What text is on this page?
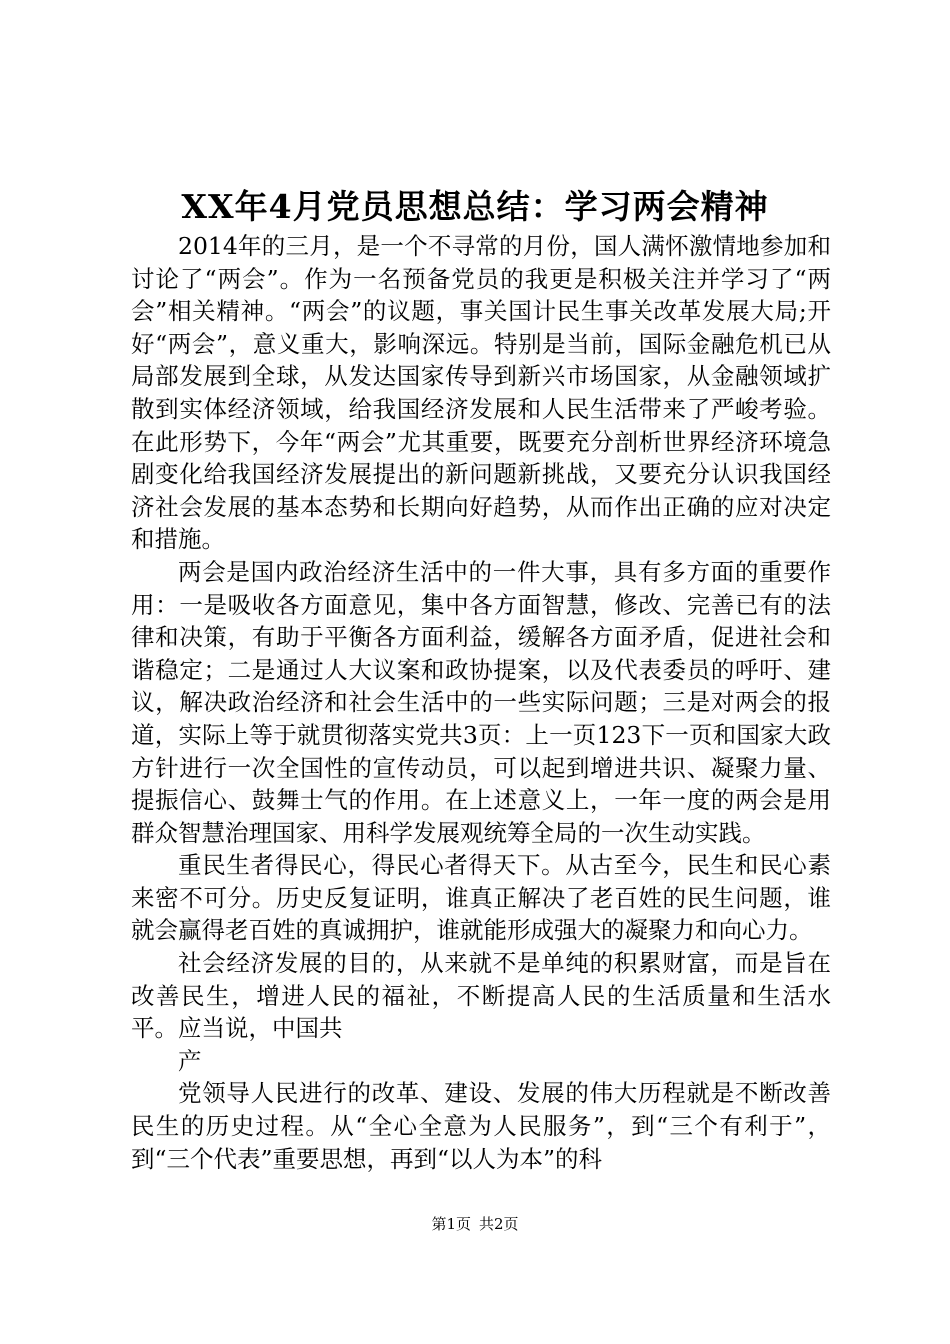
XX年4月党员思想总结：学习两会精神

2014年的三月，是一个不寻常的月份，国人满怀激情地参加和讨论了“两会”。作为一名预备党员的我更是积极关注并学习了“两会”相关精神。“两会”的议题，事关国计民生事关改革发展大局;开好“两会”，意义重大，影响深远。特别是当前，国际金融危机已从局部发展到全球，从发达国家传导到新兴市场国家，从金融领域扩散到实体经济领域，给我国经济发展和人民生活带来了严峻考验。在此形势下，今年“两会”尤其重要，既要充分剖析世界经济环境急剧变化给我国经济发展提出的新问题新挑战，又要充分认识我国经济社会发展的基本态势和长期向好趋势，从而作出正确的应对决定和措施。

两会是国内政治经济生活中的一件大事，具有多方面的重要作用：一是吸收各方面意见，集中各方面智慧，修改、完善已有的法律和决策，有助于平衡各方面利益，缓解各方面矛盾，促进社会和谐稳定；二是通过人大议案和政协提案，以及代表委员的呼吁、建议，解决政治经济和社会生活中的一些实际问题；三是对两会的报道，实际上等于就贯彻落实党共3页：上一页123下一页和国家大政方针进行一次全国性的宣传动员，可以起到增进共识、凝聚力量、提振信心、鼓舞士气的作用。在上述意义上，一年一度的两会是用群众智慧治理国家、用科学发展观统筹全局的一次生动实践。

重民生者得民心，得民心者得天下。从古至今，民生和民心素来密不可分。历史反复证明，谁真正解决了老百姓的民生问题，谁就会赢得老百姓的真诚拥护，谁就能形成强大的凝聚力和向心力。

社会经济发展的目的，从来就不是单纯的积累财富，而是旨在改善民生，增进人民的福祉，不断提高人民的生活质量和生活水平。应当说，中国共

产

党领导人民进行的改革、建设、发展的伟大历程就是不断改善民生的历史过程。从“全心全意为人民服务”，到“三个有利于”，到“三个代表”重要思想，再到“以人为本”的科

第1页 共2页
